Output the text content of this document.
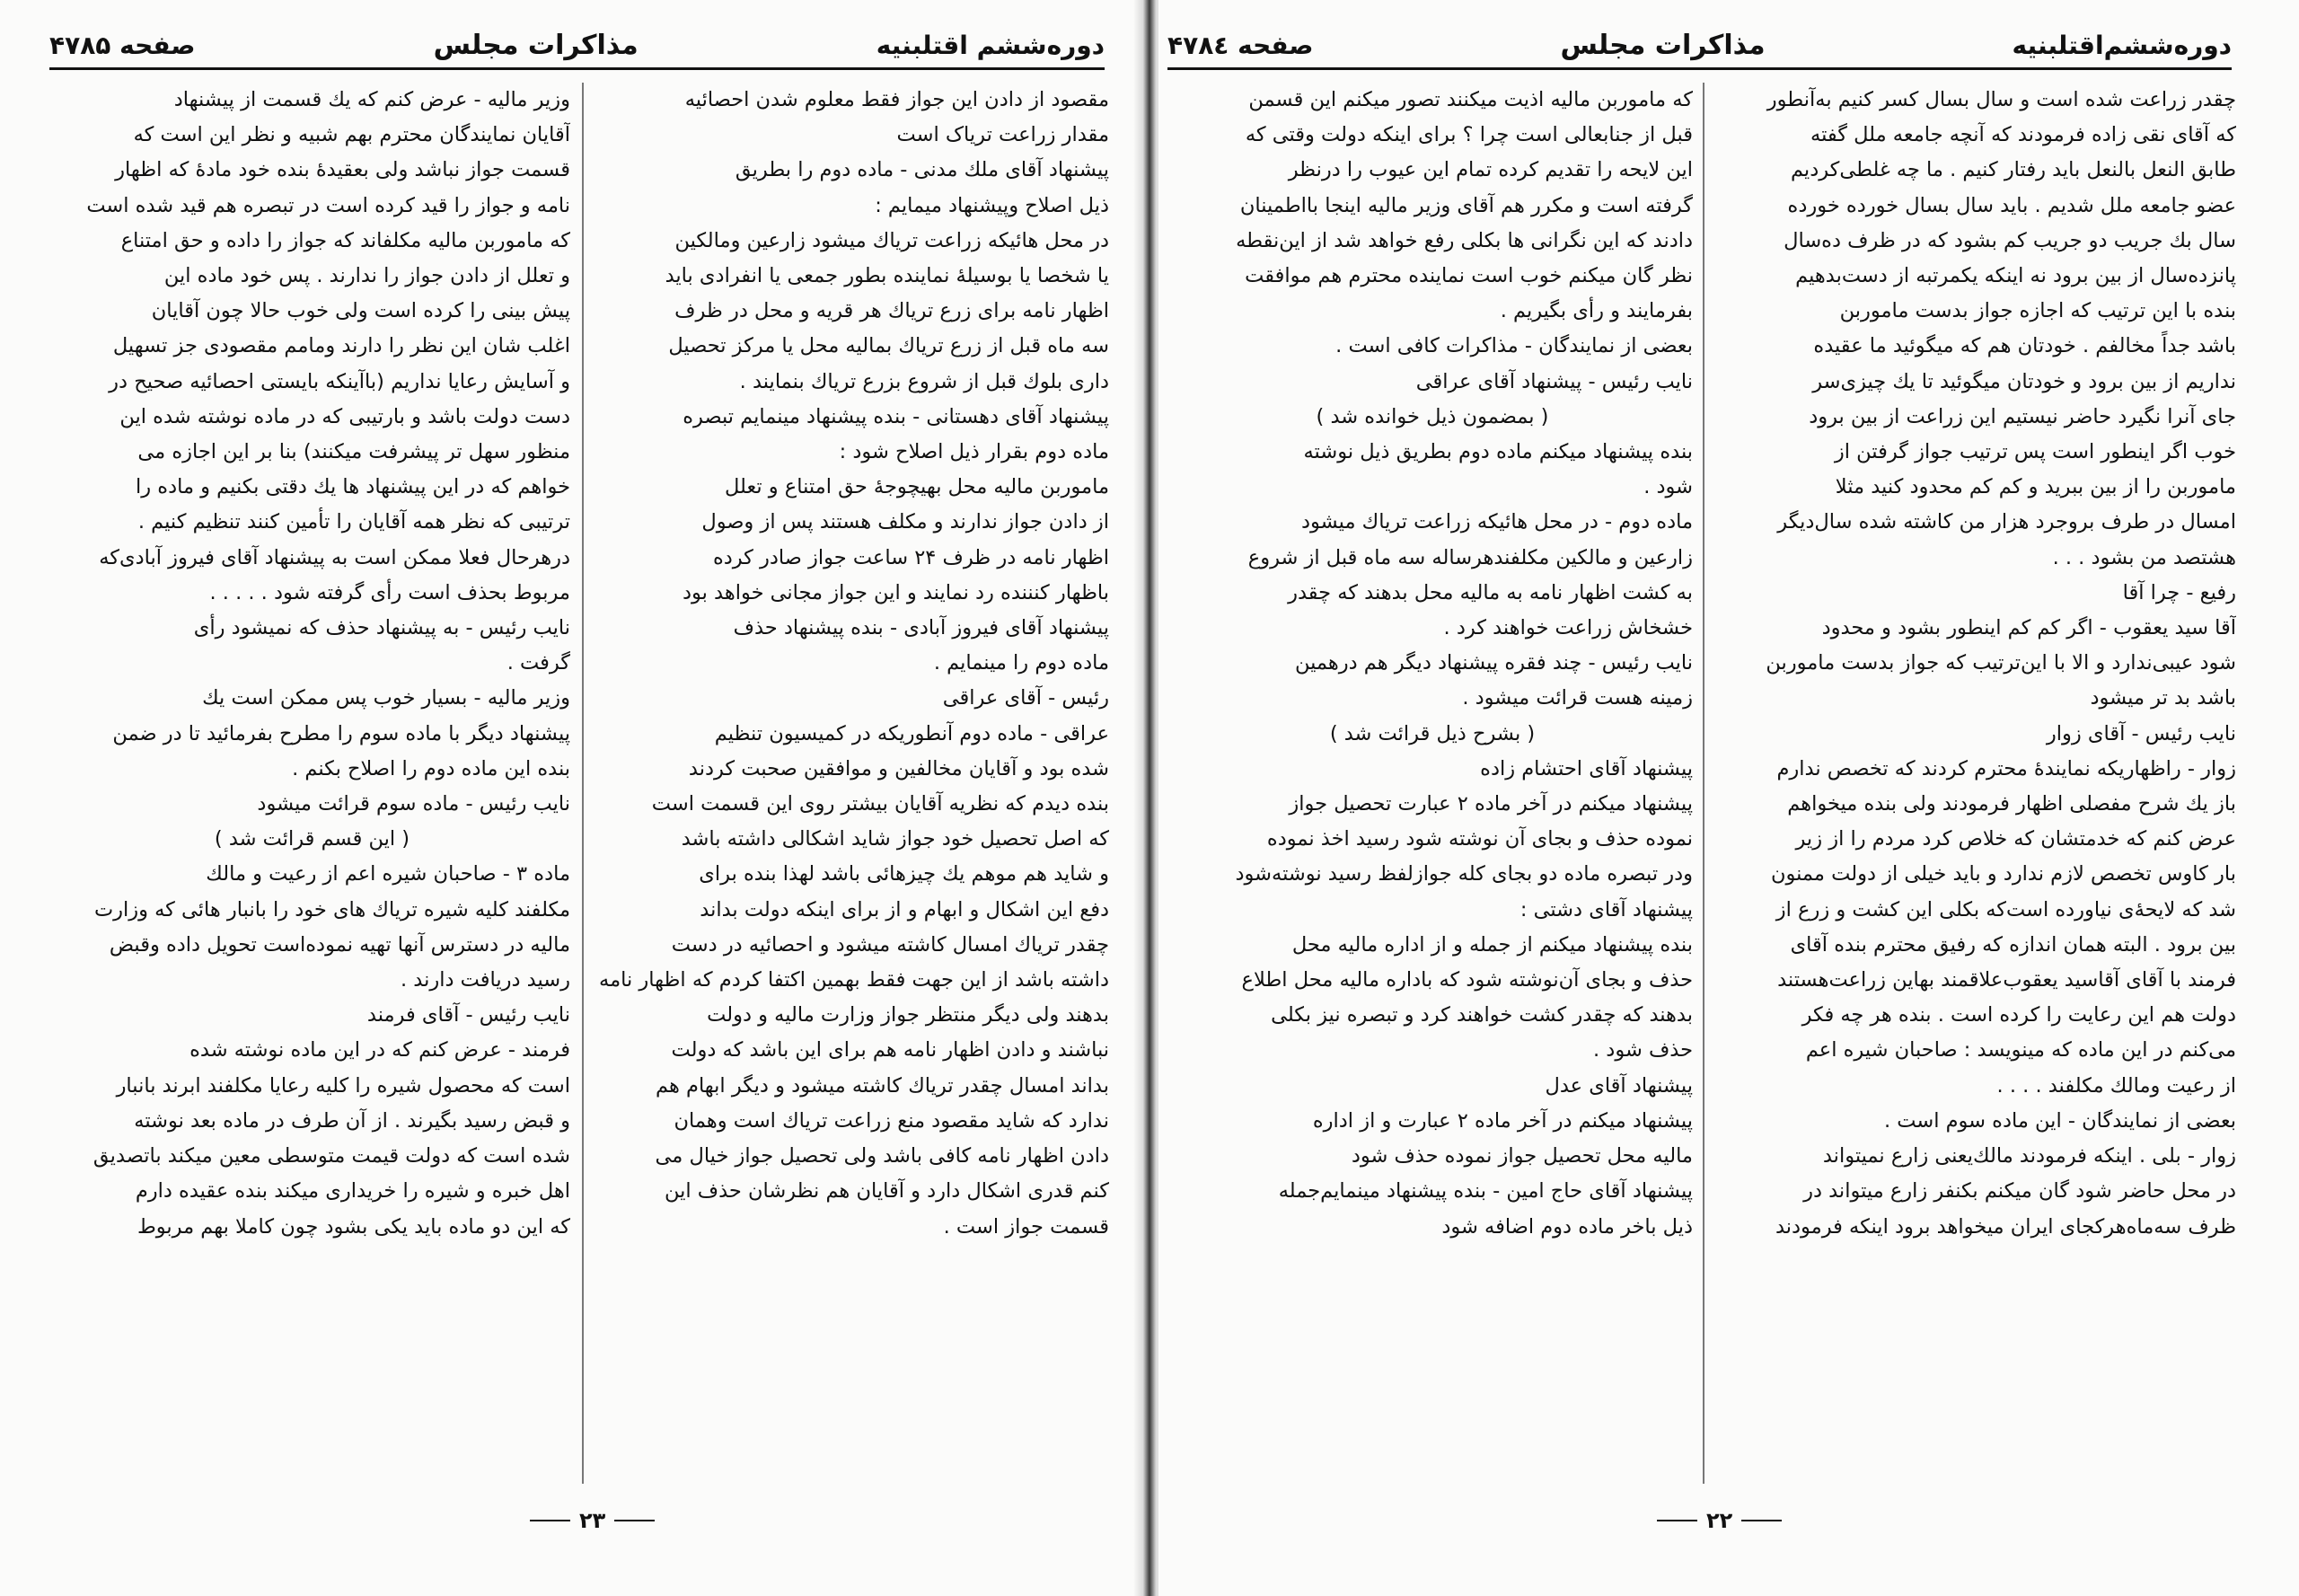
دوره‌ششم اقتلبنیه
مذاکرات مجلس
صفحه ۴۷۸۵

مقصود از دادن این جواز فقط معلوم شدن احصائیه

مقدار زراعت تریاک است

پیشنهاد آقای ملك مدنی - ماده دوم را بطریق

ذیل اصلاح وپیشنهاد میمایم :

در محل هائیکه زراعت تریاك میشود زارعین ومالکین

یا شخصا یا بوسیلهٔ نماینده بطور جمعی یا انفرادی باید

اظهار نامه برای زرع تریاك هر قریه و محل در ظرف

سه ماه قبل از زرع تریاك بمالیه محل یا مرکز تحصیل

داری بلوك قبل از شروع بزرع تریاك بنمایند .

پیشنهاد آقای دهستانی - بنده پیشنهاد مینمایم تبصره

ماده دوم بقرار ذیل اصلاح شود :

ماموربن مالیه محل بهیچوجهٔ حق امتناع و تعلل

از دادن جواز ندارند و مکلف هستند پس از وصول

اظهار نامه در ظرف ۲۴ ساعت جواز صادر کرده

باظهار کنننده رد نمایند و این جواز مجانی خواهد بود

پیشنهاد آقای فیروز آبادی - بنده پیشنهاد حذف

ماده دوم را مینمایم .

رئیس - آقای عراقی

عراقی - ماده دوم آنطوریکه در کمیسیون تنظیم

شده بود و آقایان مخالفین و موافقین صحبت کردند

بنده دیدم که نظریه آقایان بیشتر روی این قسمت است

که اصل تحصیل خود جواز شاید اشکالی داشته باشد

و شاید هم موهم یك چیزهائی باشد لهذا بنده برای

دفع این اشکال و ابهام و از برای اینکه دولت بداند

چقدر تریاك امسال کاشته میشود و احصائیه در دست

داشته باشد از این جهت فقط بهمین اکتفا کردم که اظهار نامه

بدهند ولی دیگر منتظر جواز وزارت مالیه و دولت

نباشند و دادن اظهار نامه هم برای این باشد که دولت

بداند امسال چقدر تریاك کاشته میشود و دیگر ابهام هم

ندارد که شاید مقصود منع زراعت تریاك است وهمان

دادن اظهار نامه کافی باشد ولی تحصیل جواز خیال می

کنم قدری اشکال دارد و آقایان هم نظرشان حذف این

قسمت جواز است .

وزیر مالیه - عرض کنم که یك قسمت از پیشنهاد

آقایان نمایندگان محترم بهم شبیه و نظر این است که

قسمت جواز نباشد ولی بعقیدهٔ بنده خود مادهٔ که اظهار

نامه و جواز را قید کرده است در تبصره هم قید شده است

که ماموربن مالیه مکلفاند که جواز را داده و حق امتناع

و تعلل از دادن جواز را ندارند . پس خود ماده این

پیش بینی را کرده است ولی خوب حالا چون آقایان

اغلب شان این نظر را دارند ومامم مقصودی جز تسهیل

و آسایش رعایا نداریم (باآینکه بایستی احصائیه صحیح در

دست دولت باشد و بارتیبی که در ماده نوشته شده این

منظور سهل تر پیشرفت میکنند) بنا بر این اجازه می

خواهم که در این پیشنهاد ها یك دقتی بکنیم و ماده را

ترتیبی که نظر همه آقایان را تأمین کنند تنظیم کنیم .

درهرحال فعلا ممکن است به پیشنهاد آقای فیروز آبادی‌که

مربوط بحذف است رأی گرفته شود . . . . .

نایب رئیس - به پیشنهاد حذف که نمیشود رأی

گرفت .

وزیر مالیه - بسیار خوب پس ممکن است یك

پیشنهاد دیگر با ماده سوم را مطرح بفرمائید تا در ضمن

بنده این ماده دوم را اصلاح بکنم .

نایب رئیس - ماده سوم قرائت میشود

( این قسم قرائت شد )

ماده ۳ - صاحبان شیره اعم از رعیت و مالك

مکلفند کلیه شیره تریاك های خود را بانبار هائی که وزارت

مالیه در دسترس آنها تهیه نموده‌است تحویل داده وقبض

رسید دریافت دارند .

نایب رئیس - آقای فرمند

فرمند - عرض کنم که در این ماده نوشته شده

است که محصول شیره را کلیه رعایا مکلفند ابرند بانبار

و قبض رسید بگیرند . از آن طرف در ماده بعد نوشته

شده است که دولت قیمت متوسطی معین میکند باتصدیق

اهل خبره و شیره را خریداری میکند بنده عقیده دارم

که این دو ماده باید یکی بشود چون کاملا بهم مربوط

۲۳
دوره‌ششم‌اقتلبنیه
مذاکرات مجلس
صفحه ۴۷۸٤

چقدر زراعت شده است و سال بسال کسر کنیم به‌آنطور

که آقای نقی زاده فرمودند که آنچه جامعه ملل گفته

طابق النعل بالنعل باید رفتار کنیم . ما چه غلطی‌کردیم

عضو جامعه ملل شدیم . باید سال بسال خورده خورده

سال بك جریب دو جریب کم بشود که در ظرف ده‌سال

پانزده‌سال از بین برود نه اینکه یکمرتبه از دست‌بدهیم

بنده با این ترتیب که اجازه جواز بدست ماموربن

باشد جداً مخالفم . خودتان هم که میگوئید ما عقیده

نداریم از بین برود و خودتان میگوئید تا یك چیزی‌سر

جای آنرا نگیرد حاضر نیستیم این زراعت از بین برود

خوب اگر اینطور است پس ترتیب جواز گرفتن از

ماموربن را از بین ببرید و کم کم محدود کنید مثلا

امسال در طرف بروجرد هزار من کاشته شده سال‌دیگر

هشتصد من بشود . . .

رفیع - چرا آقا

آقا سید یعقوب - اگر کم کم اینطور بشود و محدود

شود عیبی‌ندارد و الا با این‌ترتیب که جواز بدست ماموربن

باشد بد تر میشود

نایب رئیس - آقای زوار

زوار - راظهاریکه نمایندهٔ محترم کردند که تخصص ندارم

باز یك شرح مفصلی اظهار فرمودند ولی بنده میخواهم

عرض کنم که خدمتشان که خلاص کرد مردم را از زیر

بار کاوس تخصص لازم ندارد و باید خیلی از دولت ممنون

شد که لایحهٔ‌ی نیاورده است‌که بکلی این کشت و زرع از

بین برود . البته همان اندازه که رفیق محترم بنده آقای

فرمند با آقای آقاسید یعقوب‌علاقمند بهاین زراعت‌هستند

دولت هم این رعایت را کرده است . بنده هر چه فکر

می‌کنم در این ماده که مینویسد : صاحبان شیره اعم

از رعیت ومالك مکلفند . . . .

بعضی از نمایندگان - این ماده سوم است .

زوار - بلی . اینکه فرمودند مالك‌یعنی زارع نمیتواند

در محل حاضر شود گان میکنم بکنفر زارع میتواند در

ظرف سه‌ماه‌هر‌کجای ایران میخواهد برود اینکه فرمودند

که ماموربن مالیه اذیت میکنند تصور میکنم این قسمن

قبل از جنابعالی است چرا ؟ برای اینکه دولت وقتی که

این لایحه را تقدیم کرده تمام این عیوب را درنظر

گرفته است و مکرر هم آقای وزیر مالیه اینجا بااطمینان

دادند که این نگرانی ها بکلی رفع خواهد شد از این‌نقطه

نظر گان میکنم خوب است نماینده محترم هم موافقت

بفرمایند و رأی بگیریم .

بعضی از نمایندگان - مذاکرات کافی است .

نایب رئیس - پیشنهاد آقای عراقی

( بمضمون ذیل خوانده شد )

بنده پیشنهاد میکنم ماده دوم بطریق ذیل نوشته

شود .

ماده دوم - در محل هائیکه زراعت تریاك میشود

زارعین و مالکین مکلفندهرساله سه ماه قبل از شروع

به کشت اظهار نامه به مالیه محل بدهند که چقدر

خشخاش زراعت خواهند کرد .

نایب رئیس - چند فقره پیشنهاد دیگر هم درهمین

زمینه هست قرائت میشود .

( بشرح ذیل قرائت شد )

پیشنهاد آقای احتشام زاده

پیشنهاد میکنم در آخر ماده ۲ عبارت تحصیل جواز

نموده حذف و بجای آن نوشته شود رسید اخذ نموده

ودر تبصره ماده دو بجای کله جوازلفظ رسید نوشته‌شود

پیشنهاد آقای دشتی :

بنده پیشنهاد میکنم از جمله و از اداره مالیه محل

حذف و بجای آن‌نوشته شود که باداره مالیه محل اطلاع

بدهند که چقدر کشت خواهند کرد و تبصره نیز بکلی

حذف شود .

پیشنهاد آقای عدل

پیشنهاد میکنم در آخر ماده ۲ عبارت و از اداره

مالیه محل تحصیل جواز نموده حذف شود

پیشنهاد آقای حاج امین - بنده پیشنهاد مینمایم‌جمله

ذیل باخر ماده دوم اضافه شود

۲۲
